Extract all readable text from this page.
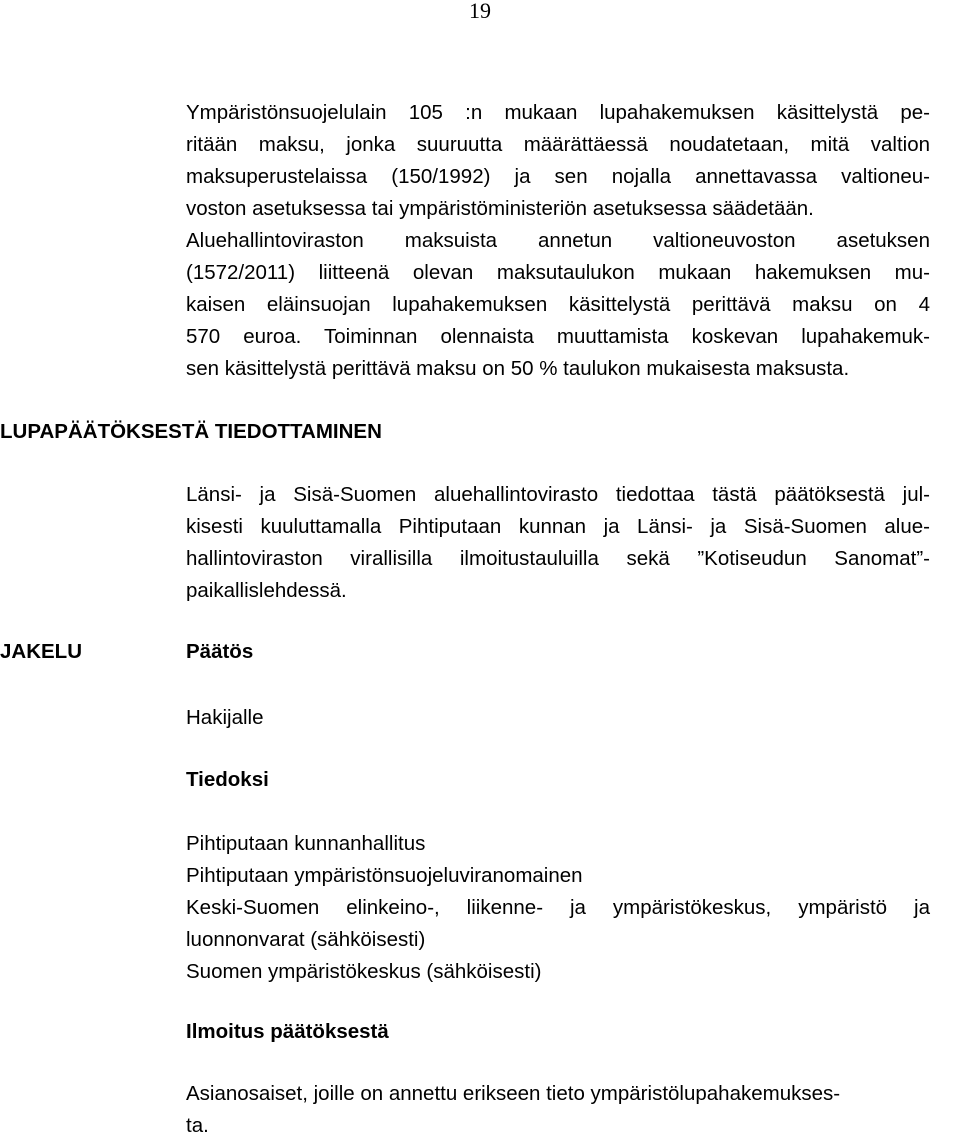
19
Ympäristönsuojelulain 105 :n mukaan lupahakemuksen käsittelystä pe-
ritään maksu, jonka suuruutta määrättäessä noudatetaan, mitä valtion
maksuperustelaissa (150/1992) ja sen nojalla annettavassa valtioneu-
voston asetuksessa tai ympäristöministeriön asetuksessa säädetään.
Aluehallintoviraston maksuista annetun valtioneuvoston asetuksen
(1572/2011) liitteenä olevan maksutaulukon mukaan hakemuksen mu-
kaisen eläinsuojan lupahakemuksen käsittelystä perittävä maksu on 4
570 euroa. Toiminnan olennaista muuttamista koskevan lupahakemuk-
sen käsittelystä perittävä maksu on 50 % taulukon mukaisesta maksusta.
LUPAPÄÄTÖKSESTÄ TIEDOTTAMINEN
Länsi- ja Sisä-Suomen aluehallintovirasto tiedottaa tästä päätöksestä jul-
kisesti kuuluttamalla Pihtiputaan kunnan ja Länsi- ja Sisä-Suomen alue-
hallintoviraston virallisilla ilmoitustauluilla sekä ”Kotiseudun Sanomat”-
paikallislehdessä.
JAKELU	Päätös
Hakijalle
Tiedoksi
Pihtiputaan kunnanhallitus
Pihtiputaan ympäristönsuojeluviranomainen
Keski-Suomen elinkeino-, liikenne- ja ympäristökeskus, ympäristö ja
luonnonvarat (sähköisesti)
Suomen ympäristökeskus (sähköisesti)
Ilmoitus päätöksestä
Asianosaiset, joille on annettu erikseen tieto ympäristölupahakemukses-
ta.
